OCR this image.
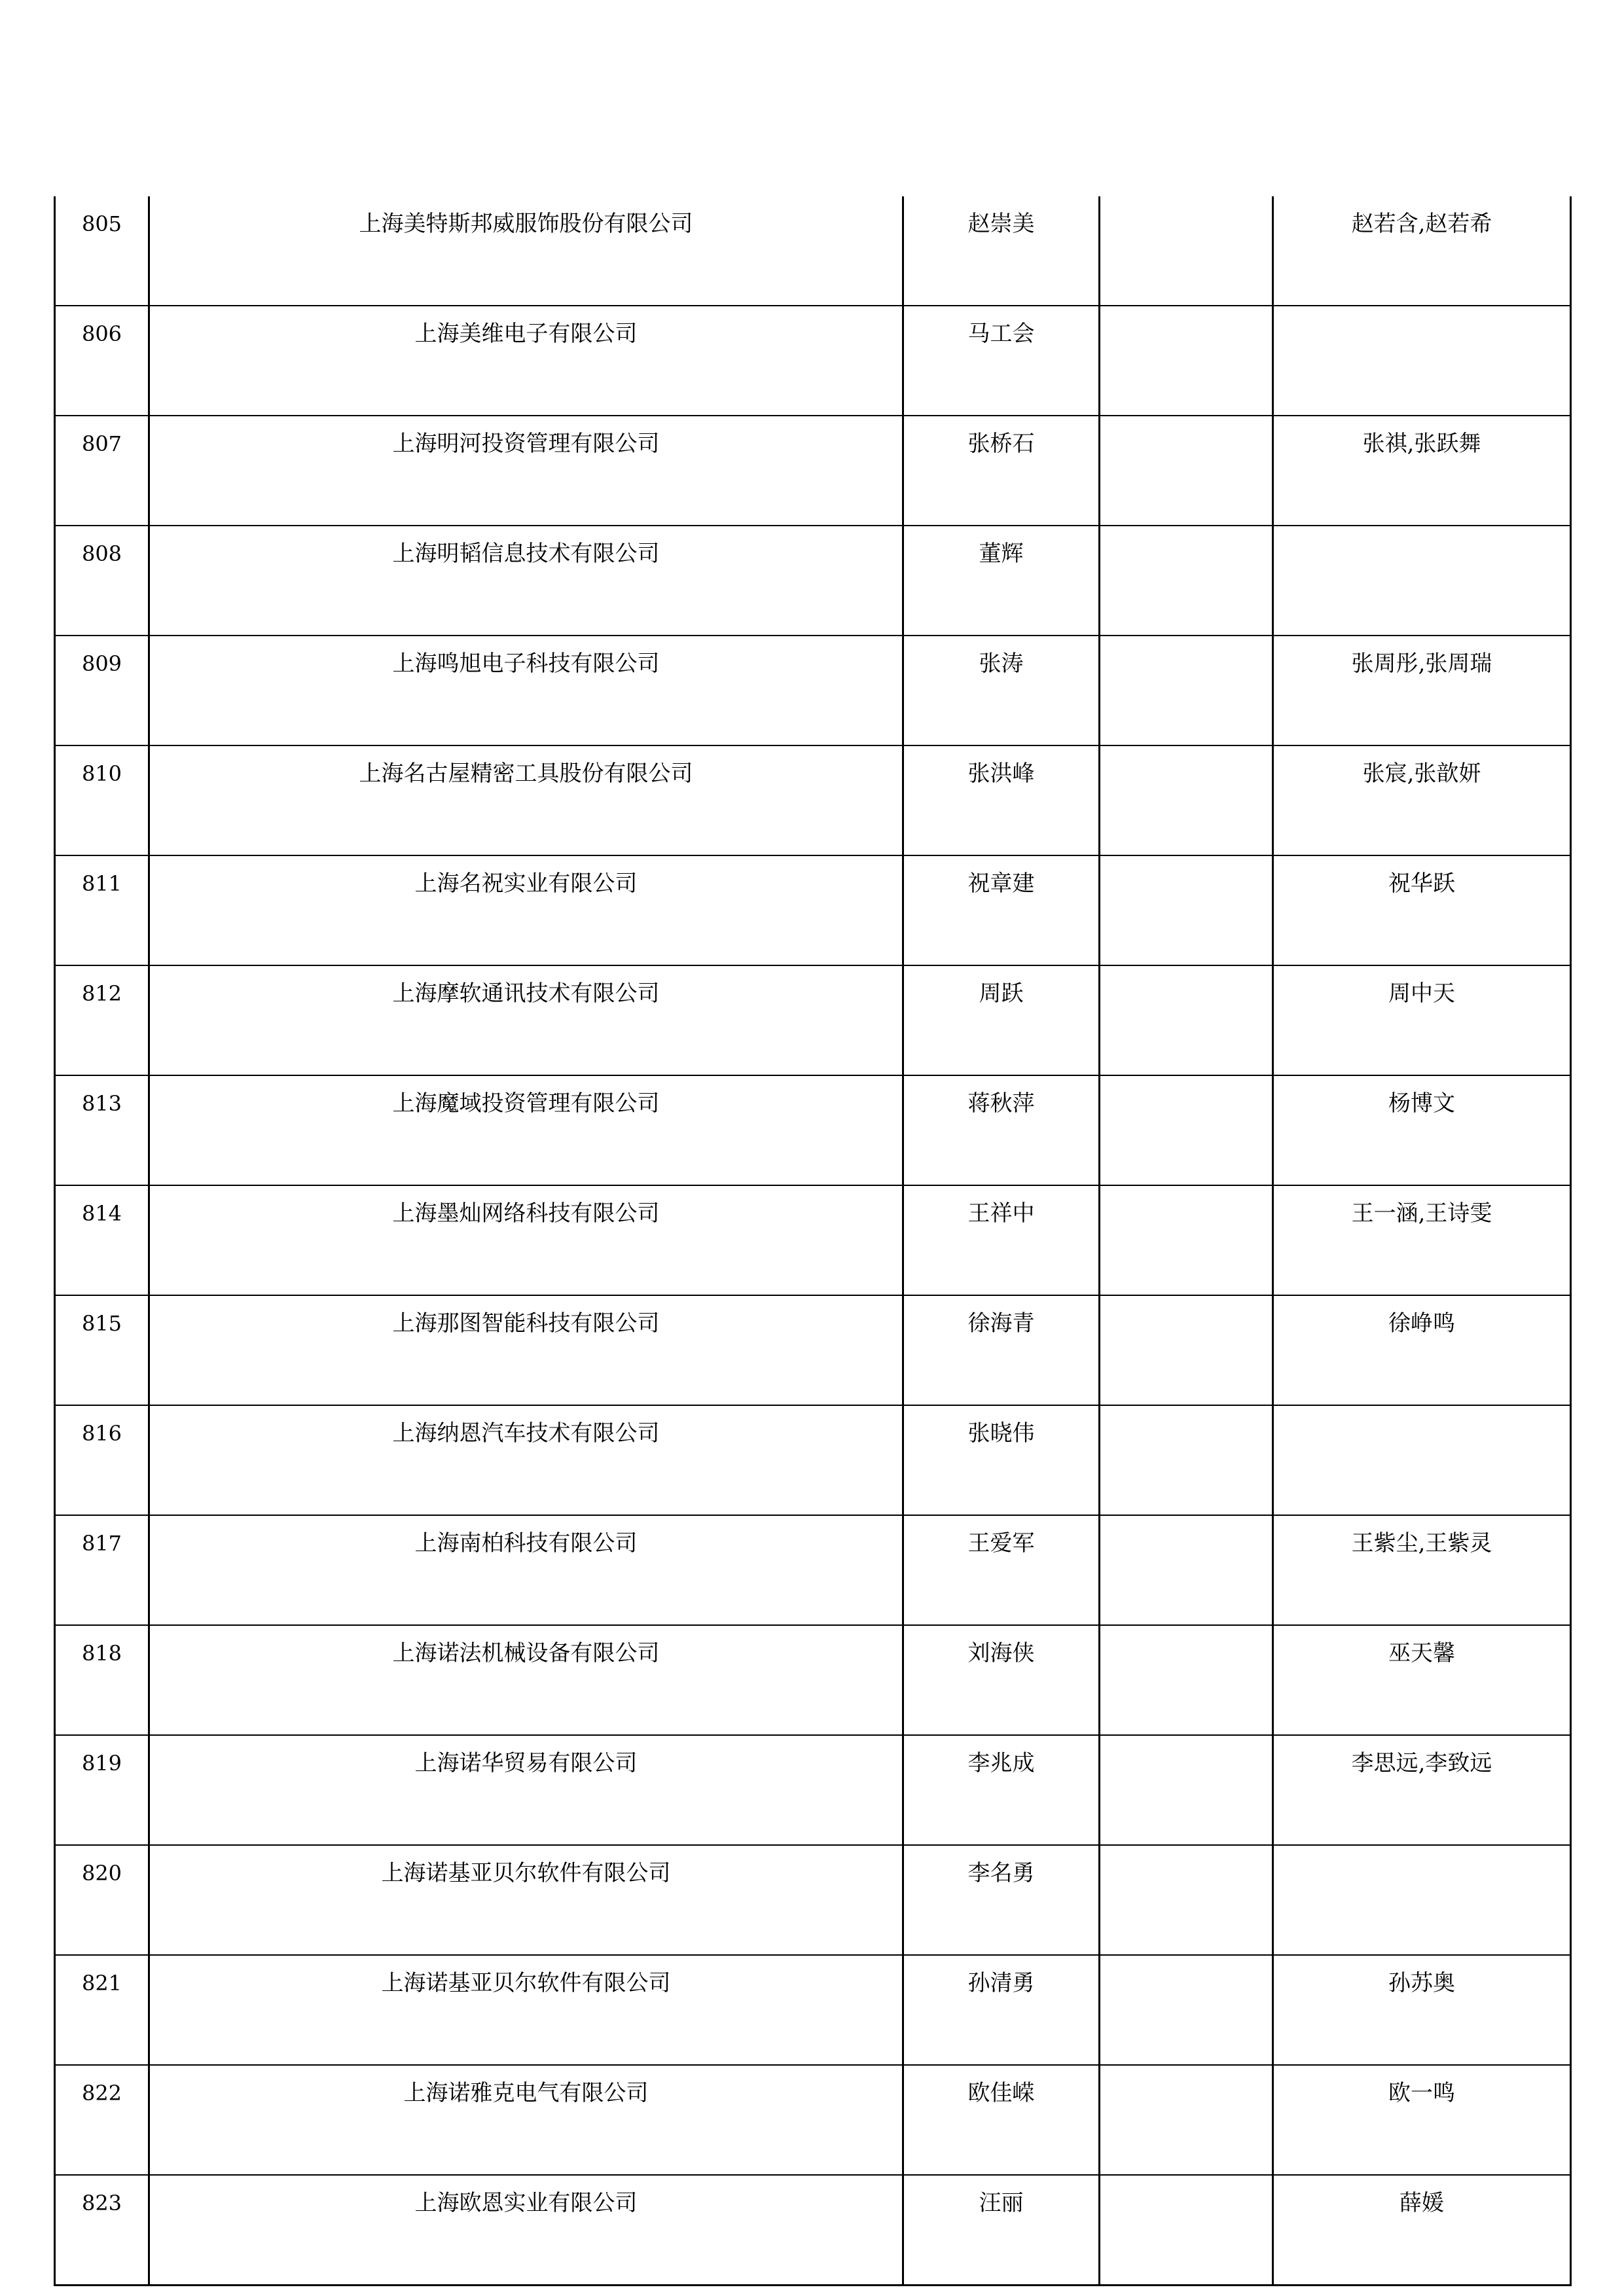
805	上海美特斯邦威服饰股份有限公司	赵崇美		赵若含,赵若希
806	上海美维电子有限公司	马工会		
807	上海明河投资管理有限公司	张桥石		张祺,张跃舞
808	上海明韬信息技术有限公司	董辉		
809	上海鸣旭电子科技有限公司	张涛		张周彤,张周瑞
810	上海名古屋精密工具股份有限公司	张洪峰		张宸,张歆妍
811	上海名祝实业有限公司	祝章建		祝华跃
812	上海摩软通讯技术有限公司	周跃		周中天
813	上海魔域投资管理有限公司	蒋秋萍		杨博文
814	上海墨灿网络科技有限公司	王祥中		王一涵,王诗雯
815	上海那图智能科技有限公司	徐海青		徐峥鸣
816	上海纳恩汽车技术有限公司	张晓伟		
817	上海南柏科技有限公司	王爱军		王紫尘,王紫灵
818	上海诺法机械设备有限公司	刘海侠		巫天馨
819	上海诺华贸易有限公司	李兆成		李思远,李致远
820	上海诺基亚贝尔软件有限公司	李名勇		
821	上海诺基亚贝尔软件有限公司	孙清勇		孙苏奥
822	上海诺雅克电气有限公司	欧佳嵘		欧一鸣
823	上海欧恩实业有限公司	汪丽		薛媛
